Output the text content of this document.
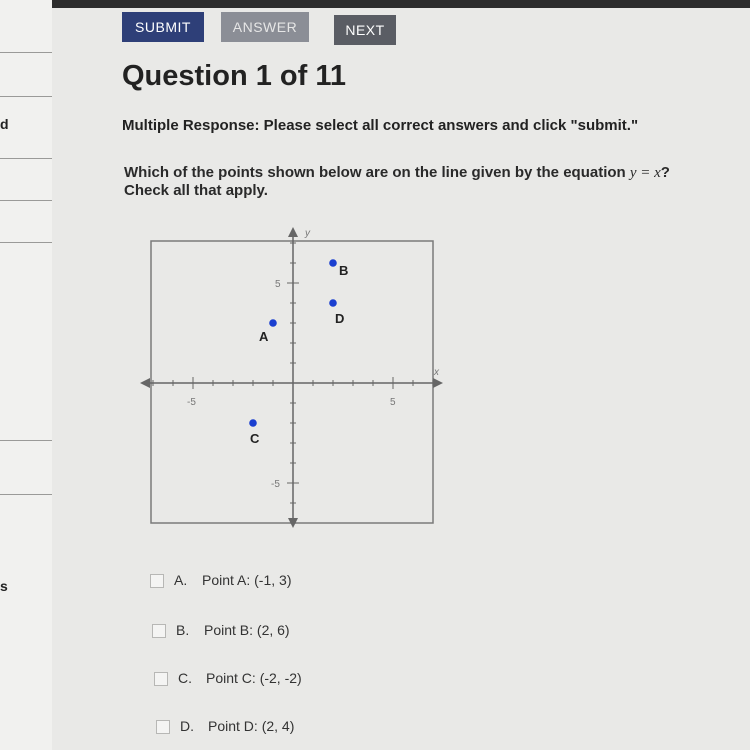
d
s
SUBMIT	ANSWER	NEXT
Question 1 of 11
Multiple Response: Please select all correct answers and click "submit."
Which of the points shown below are on the line given by the equation y = x?
Check all that apply.
y
x
-5	5
5
-5
A
B
C
D
A. Point A: (-1, 3)
B. Point B: (2, 6)
C. Point C: (-2, -2)
D. Point D: (2, 4)
